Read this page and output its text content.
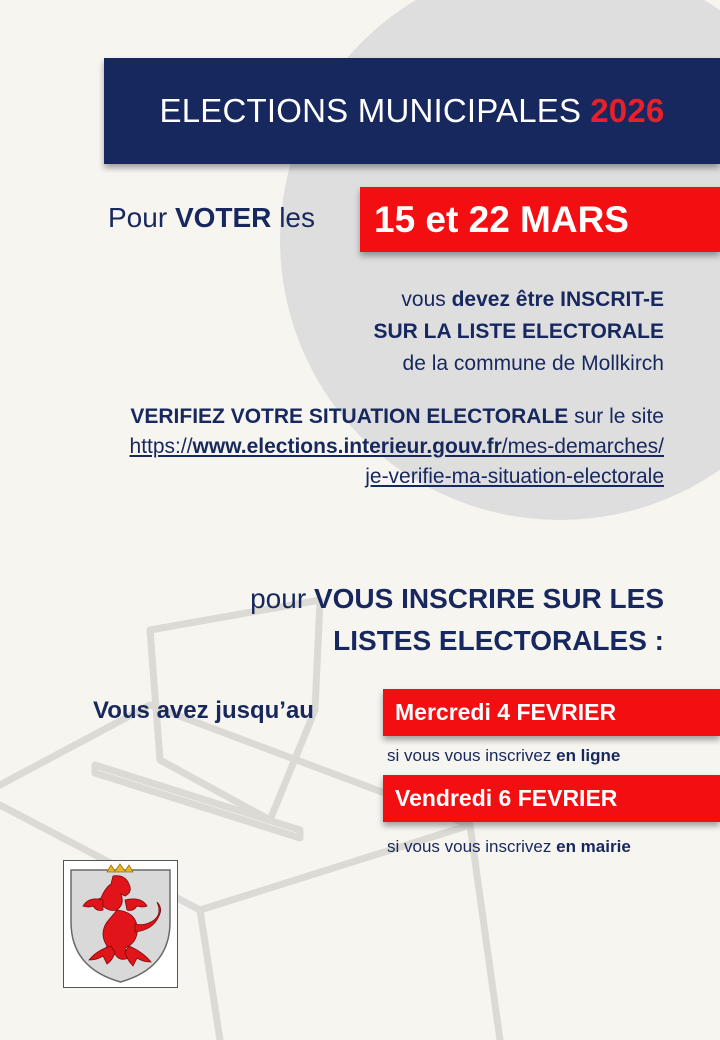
ELECTIONS MUNICIPALES 2026
Pour VOTER les 15 et 22 MARS
vous devez être INSCRIT-E
SUR LA LISTE ELECTORALE
de la commune de Mollkirch
VERIFIEZ VOTRE SITUATION ELECTORALE sur le site
https://www.elections.interieur.gouv.fr/mes-demarches/
je-verifie-ma-situation-electorale
pour VOUS INSCRIRE SUR LES
LISTES ELECTORALES :
Vous avez jusqu’au	Mercredi 4 FEVRIER
si vous vous inscrivez en ligne
Vendredi 6 FEVRIER
si vous vous inscrivez en mairie
